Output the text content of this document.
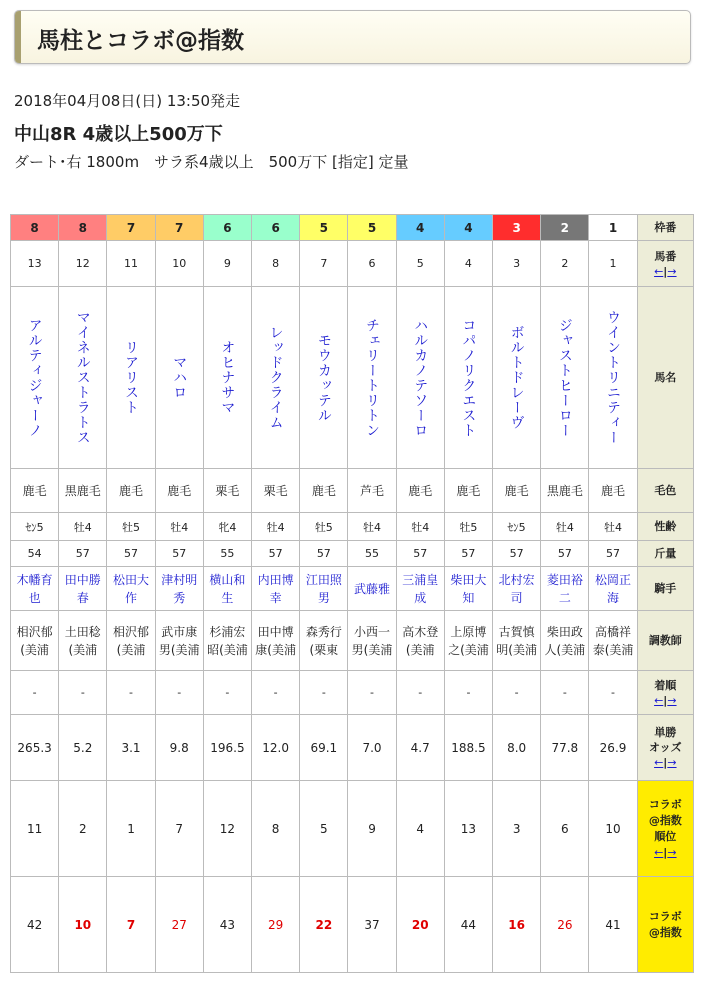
馬柱とコラボ@指数
2018年04月08日(日) 13:50発走
中山8R 4歳以上500万下
ダート･右 1800m　サラ系4歳以上　500万下 [指定] 定量
8	8	7	7	6	6	5	5	4	4	3	2	1	枠番

13	12	11	10	9	8	7	6	5	4	3	2	1	馬番
←|→

アルティジャーノ	マイネルストラトス	リアリスト	マハロ	オヒナサマ	レッドクライム	モウカッテル	チェリートリトン	ハルカノテソーロ	コパノリクエスト	ボルトドレーヴ	ジャストヒーロー	ウイントリニティー	馬名

鹿毛	黒鹿毛	鹿毛	鹿毛	栗毛	栗毛	鹿毛	芦毛	鹿毛	鹿毛	鹿毛	黒鹿毛	鹿毛	毛色

ｾﾝ5	牡4	牡5	牡4	牝4	牡4	牡5	牡4	牡4	牡5	ｾﾝ5	牡4	牡4	性齢

54	57	57	57	55	57	57	55	57	57	57	57	57	斤量

木幡育也	田中勝春	松田大作	津村明秀	横山和生	内田博幸	江田照男	武藤雅	三浦皇成	柴田大知	北村宏司	菱田裕二	松岡正海	騎手

相沢郁(美浦	土田稔(美浦	相沢郁(美浦	武市康男(美浦	杉浦宏昭(美浦	田中博康(美浦	森秀行(栗東	小西一男(美浦	高木登(美浦	上原博之(美浦	古賀慎明(美浦	柴田政人(美浦	高橋祥泰(美浦	調教師

-	-	-	-	-	-	-	-	-	-	-	-	-	着順
←|→

265.3	5.2	3.1	9.8	196.5	12.0	69.1	7.0	4.7	188.5	8.0	77.8	26.9	単勝
オッズ
←|→

11	2	1	7	12	8	5	9	4	13	3	6	10	コラボ
@指数
順位
←|→

42	10	7	27	43	29	22	37	20	44	16	26	41	コラボ
@指数
